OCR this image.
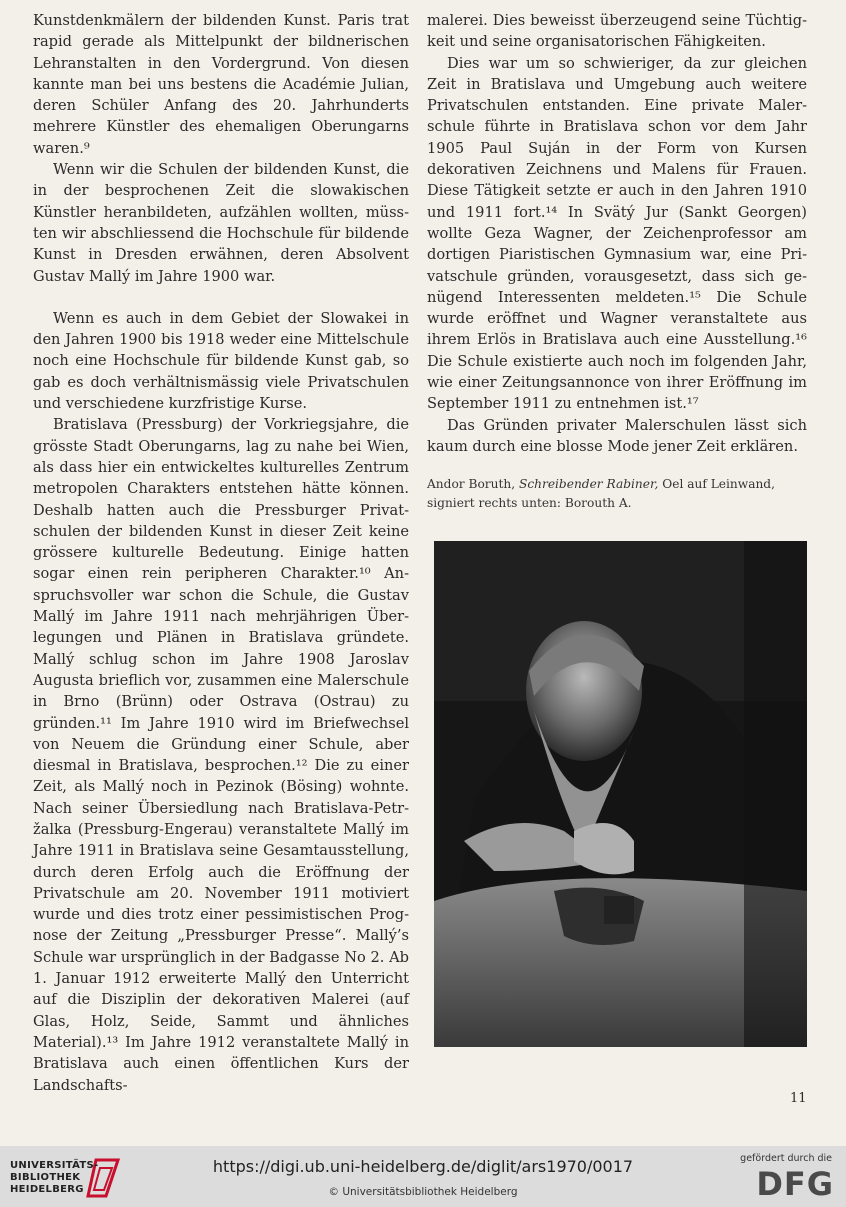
Kunstdenkmälern der bildenden Kunst. Paris trat rapid gerade als Mittelpunkt der bildnerischen Lehranstalten in den Vordergrund. Von diesen kannte man bei uns bestens die Académie Julian, deren Schüler Anfang des 20. Jahrhunderts mehrere Künstler des ehemaligen Oberungarns waren.⁹

Wenn wir die Schulen der bildenden Kunst, die in der besprochenen Zeit die slowakischen Künstler heranbildeten, aufzählen wollten, müssten wir abschliessend die Hochschule für bildende Kunst in Dresden erwähnen, deren Absolvent Gustav Mallý im Jahre 1900 war.

Wenn es auch in dem Gebiet der Slowakei in den Jahren 1900 bis 1918 weder eine Mittelschule noch eine Hochschule für bildende Kunst gab, so gab es doch verhältnismässig viele Privatschulen und verschiedene kurzfristige Kurse.

Bratislava (Pressburg) der Vorkriegsjahre, die grösste Stadt Oberungarns, lag zu nahe bei Wien, als dass hier ein entwickeltes kulturelles Zentrum metropolen Charakters entstehen hätte können. Deshalb hatten auch die Pressburger Privatschulen der bildenden Kunst in dieser Zeit keine grössere kulturelle Bedeutung. Einige hatten sogar einen rein peripheren Charakter.¹⁰ Anspruchsvoller war schon die Schule, die Gustav Mallý im Jahre 1911 nach mehrjährigen Überlegungen und Plänen in Bratislava gründete. Mallý schlug schon im Jahre 1908 Jaroslav Augusta brieflich vor, zusammen eine Malerschule in Brno (Brünn) oder Ostrava (Ostrau) zu gründen.¹¹ Im Jahre 1910 wird im Briefwechsel von Neuem die Gründung einer Schule, aber diesmal in Bratislava, besprochen.¹² Die zu einer Zeit, als Mallý noch in Pezinok (Bösing) wohnte. Nach seiner Übersiedlung nach Bratislava-Petržalka (Pressburg-Engerau) veranstaltete Mallý im Jahre 1911 in Bratislava seine Gesamtausstellung, durch deren Erfolg auch die Eröffnung der Privatschule am 20. November 1911 motiviert wurde und dies trotz einer pessimistischen Prognose der Zeitung „Pressburger Presse“. Mallý’s Schule war ursprünglich in der Badgasse No 2. Ab 1. Januar 1912 erweiterte Mallý den Unterricht auf die Disziplin der dekorativen Malerei (auf Glas, Holz, Seide, Sammt und ähnliches Material).¹³ Im Jahre 1912 veranstaltete Mallý in Bratislava auch einen öffentlichen Kurs der Landschafts-

malerei. Dies beweisst überzeugend seine Tüchtigkeit und seine organisatorischen Fähigkeiten.

Dies war um so schwieriger, da zur gleichen Zeit in Bratislava und Umgebung auch weitere Privatschulen entstanden. Eine private Malerschule führte in Bratislava schon vor dem Jahr 1905 Paul Suján in der Form von Kursen dekorativen Zeichnens und Malens für Frauen. Diese Tätigkeit setzte er auch in den Jahren 1910 und 1911 fort.¹⁴ In Svätý Jur (Sankt Georgen) wollte Geza Wagner, der Zeichenprofessor am dortigen Piaristischen Gymnasium war, eine Privatschule gründen, vorausgesetzt, dass sich genügend Interessenten meldeten.¹⁵ Die Schule wurde eröffnet und Wagner veranstaltete aus ihrem Erlös in Bratislava auch eine Ausstellung.¹⁶ Die Schule existierte auch noch im folgenden Jahr, wie einer Zeitungsannonce von ihrer Eröffnung im September 1911 zu entnehmen ist.¹⁷

Das Gründen privater Malerschulen lässt sich kaum durch eine blosse Mode jener Zeit erklären.

Andor Boruth, Schreibender Rabiner, Oel auf Leinwand, signiert rechts unten: Borouth A.

11
UNIVERSITÄTS-
BIBLIOTHEK
HEIDELBERG
https://digi.ub.uni-heidelberg.de/diglit/ars1970/0017
© Universitätsbibliothek Heidelberg
gefördert durch die
DFG
